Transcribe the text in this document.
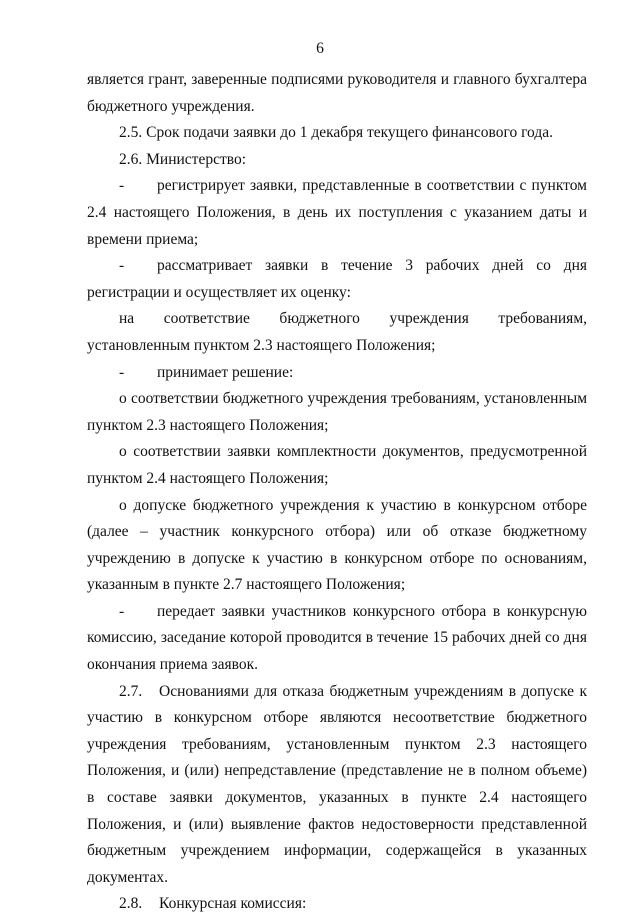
6

является грант, заверенные подписями руководителя и главного бухгалтера бюджетного учреждения.

2.5. Срок подачи заявки до 1 декабря текущего финансового года.

2.6. Министерство:

- регистрирует заявки, представленные в соответствии с пунктом 2.4 настоящего Положения, в день их поступления с указанием даты и времени приема;

- рассматривает заявки в течение 3 рабочих дней со дня регистрации и осуществляет их оценку:

на соответствие бюджетного учреждения требованиям, установленным пунктом 2.3 настоящего Положения;

- принимает решение:

о соответствии бюджетного учреждения требованиям, установленным пунктом 2.3 настоящего Положения;

о соответствии заявки комплектности документов, предусмотренной пунктом 2.4 настоящего Положения;

о допуске бюджетного учреждения к участию в конкурсном отборе (далее – участник конкурсного отбора) или об отказе бюджетному учреждению в допуске к участию в конкурсном отборе по основаниям, указанным в пункте 2.7 настоящего Положения;

- передает заявки участников конкурсного отбора в конкурсную комиссию, заседание которой проводится в течение 15 рабочих дней со дня окончания приема заявок.

2.7. Основаниями для отказа бюджетным учреждениям в допуске к участию в конкурсном отборе являются несоответствие бюджетного учреждения требованиям, установленным пунктом 2.3 настоящего Положения, и (или) непредставление (представление не в полном объеме) в составе заявки документов, указанных в пункте 2.4 настоящего Положения, и (или) выявление фактов недостоверности представленной бюджетным учреждением информации, содержащейся в указанных документах.

2.8. Конкурсная комиссия:
